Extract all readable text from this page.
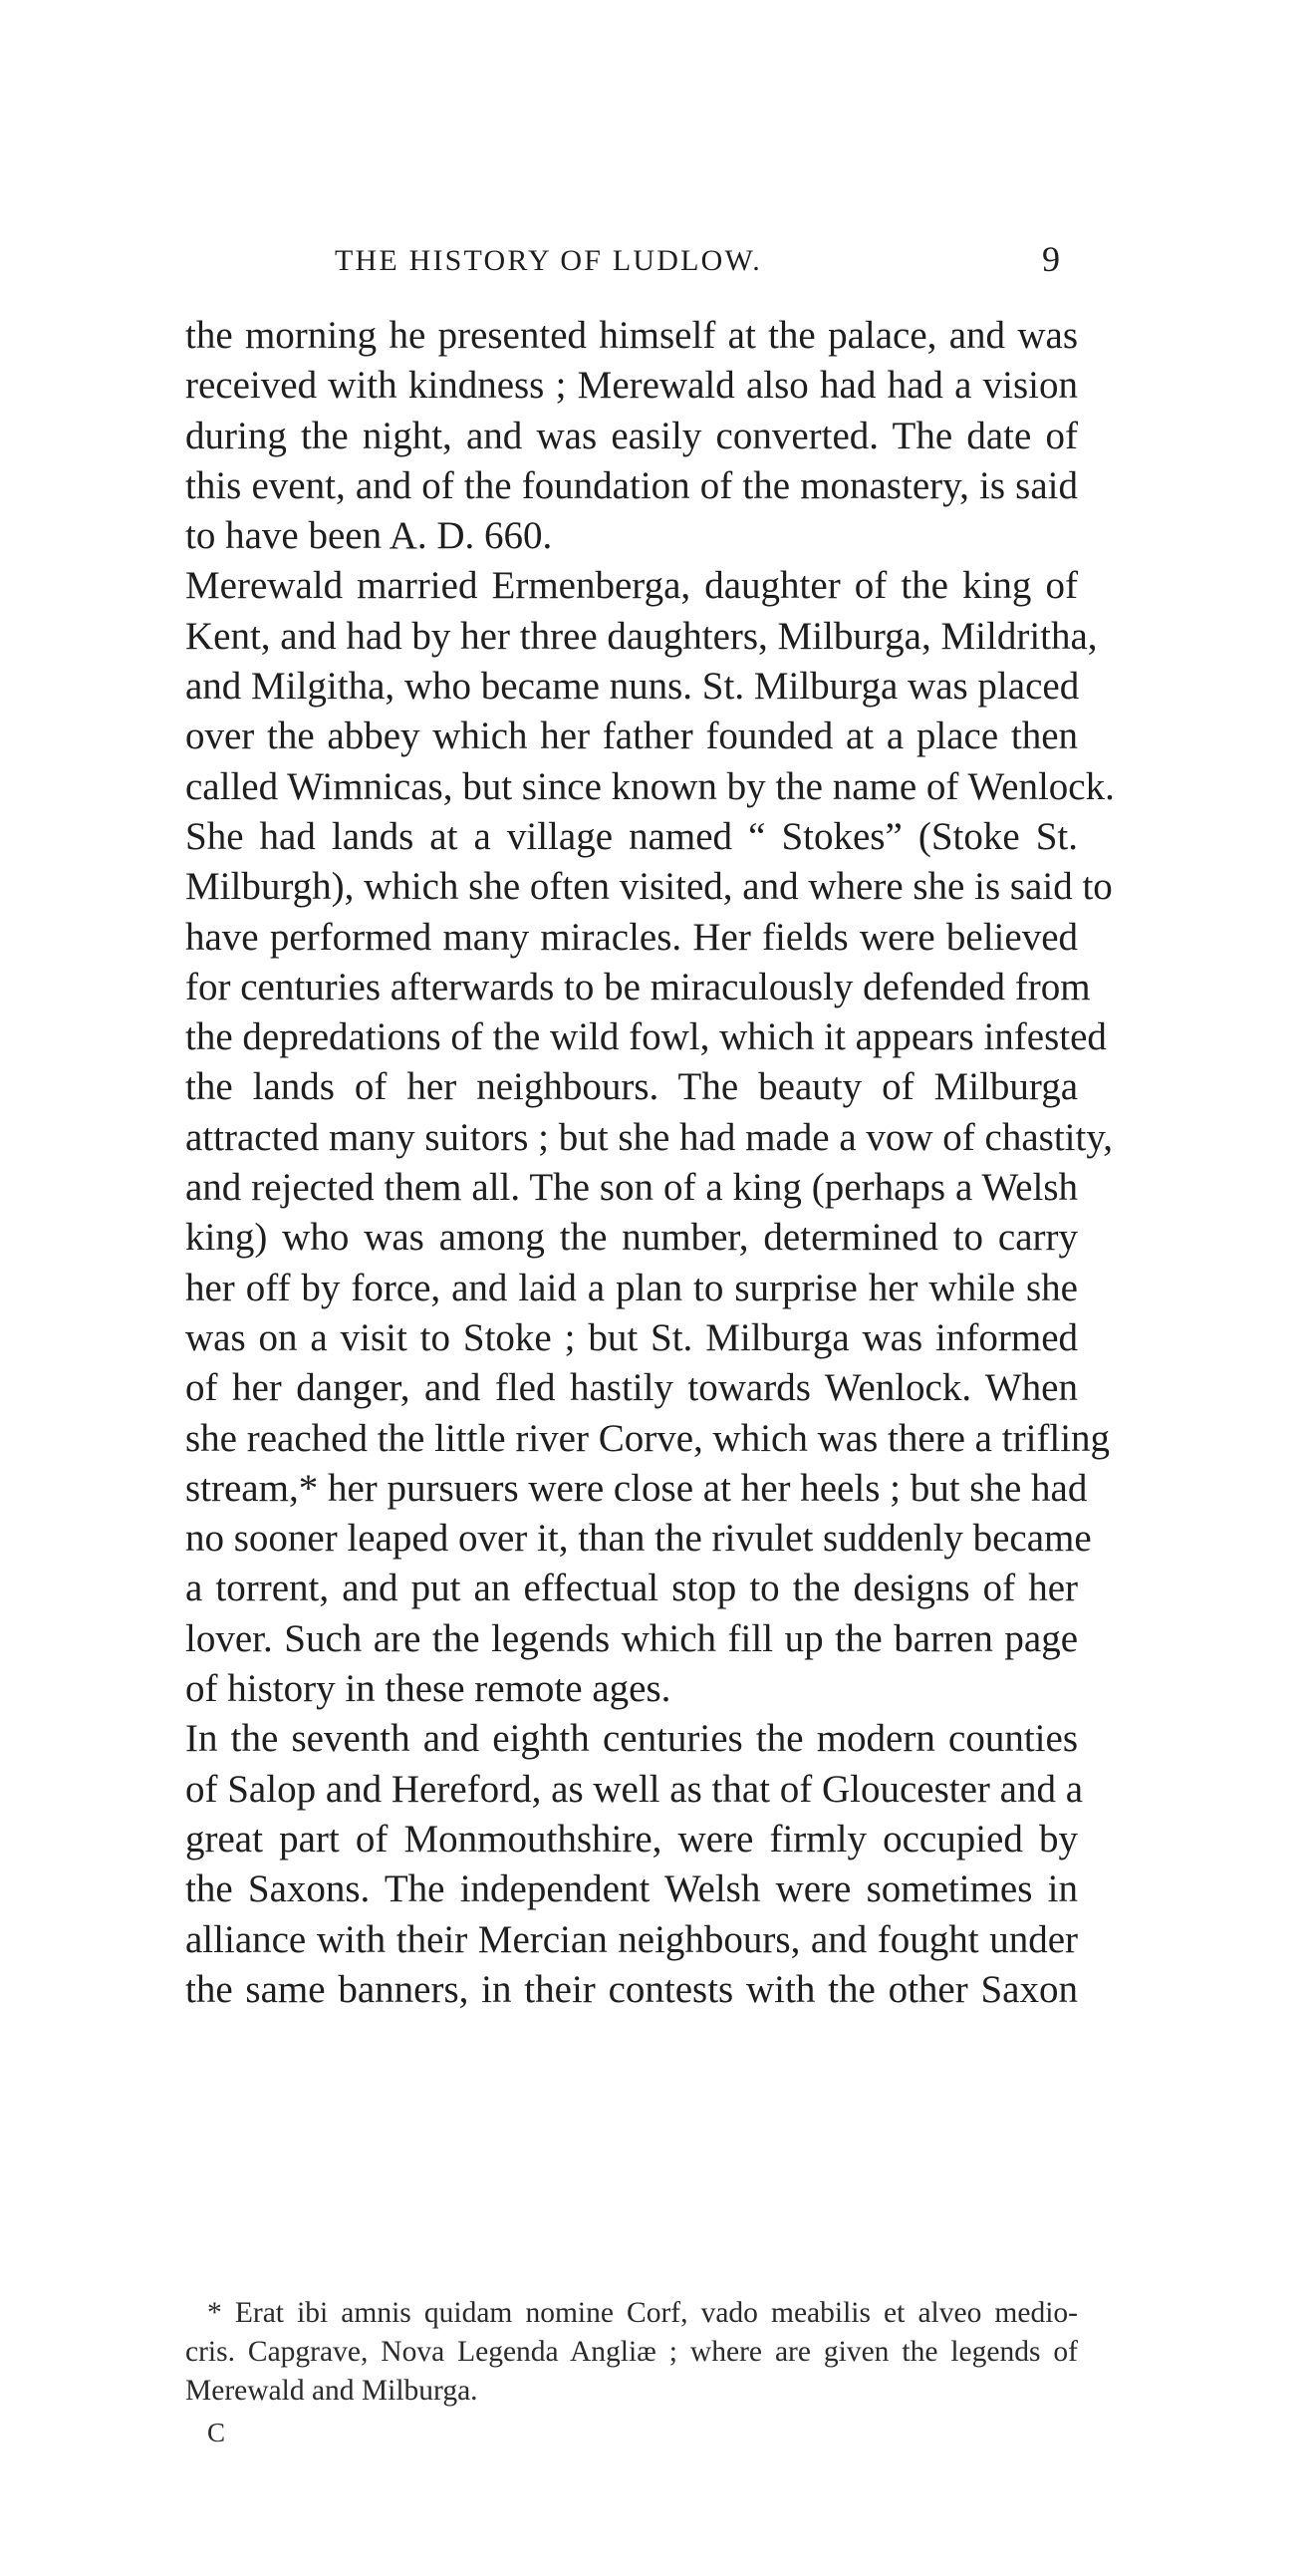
THE HISTORY OF LUDLOW.	9
the morning he presented himself at the palace, and was
received with kindness ; Merewald also had had a vision
during the night, and was easily converted. The date of
this event, and of the foundation of the monastery, is said
to have been A. D. 660.
Merewald married Ermenberga, daughter of the king of
Kent, and had by her three daughters, Milburga, Mildritha,
and Milgitha, who became nuns. St. Milburga was placed
over the abbey which her father founded at a place then
called Wimnicas, but since known by the name of Wenlock.
She had lands at a village named “ Stokes” (Stoke St.
Milburgh), which she often visited, and where she is said to
have performed many miracles. Her fields were believed
for centuries afterwards to be miraculously defended from
the depredations of the wild fowl, which it appears infested
the lands of her neighbours. The beauty of Milburga
attracted many suitors ; but she had made a vow of chastity,
and rejected them all. The son of a king (perhaps a Welsh
king) who was among the number, determined to carry
her off by force, and laid a plan to surprise her while she
was on a visit to Stoke ; but St. Milburga was informed
of her danger, and fled hastily towards Wenlock. When
she reached the little river Corve, which was there a trifling
stream,* her pursuers were close at her heels ; but she had
no sooner leaped over it, than the rivulet suddenly became
a torrent, and put an effectual stop to the designs of her
lover. Such are the legends which fill up the barren page
of history in these remote ages.
In the seventh and eighth centuries the modern counties
of Salop and Hereford, as well as that of Gloucester and a
great part of Monmouthshire, were firmly occupied by
the Saxons. The independent Welsh were sometimes in
alliance with their Mercian neighbours, and fought under
the same banners, in their contests with the other Saxon
* Erat ibi amnis quidam nomine Corf, vado meabilis et alveo medio-
cris. Capgrave, Nova Legenda Angliæ ; where are given the legends of
Merewald and Milburga.
C
